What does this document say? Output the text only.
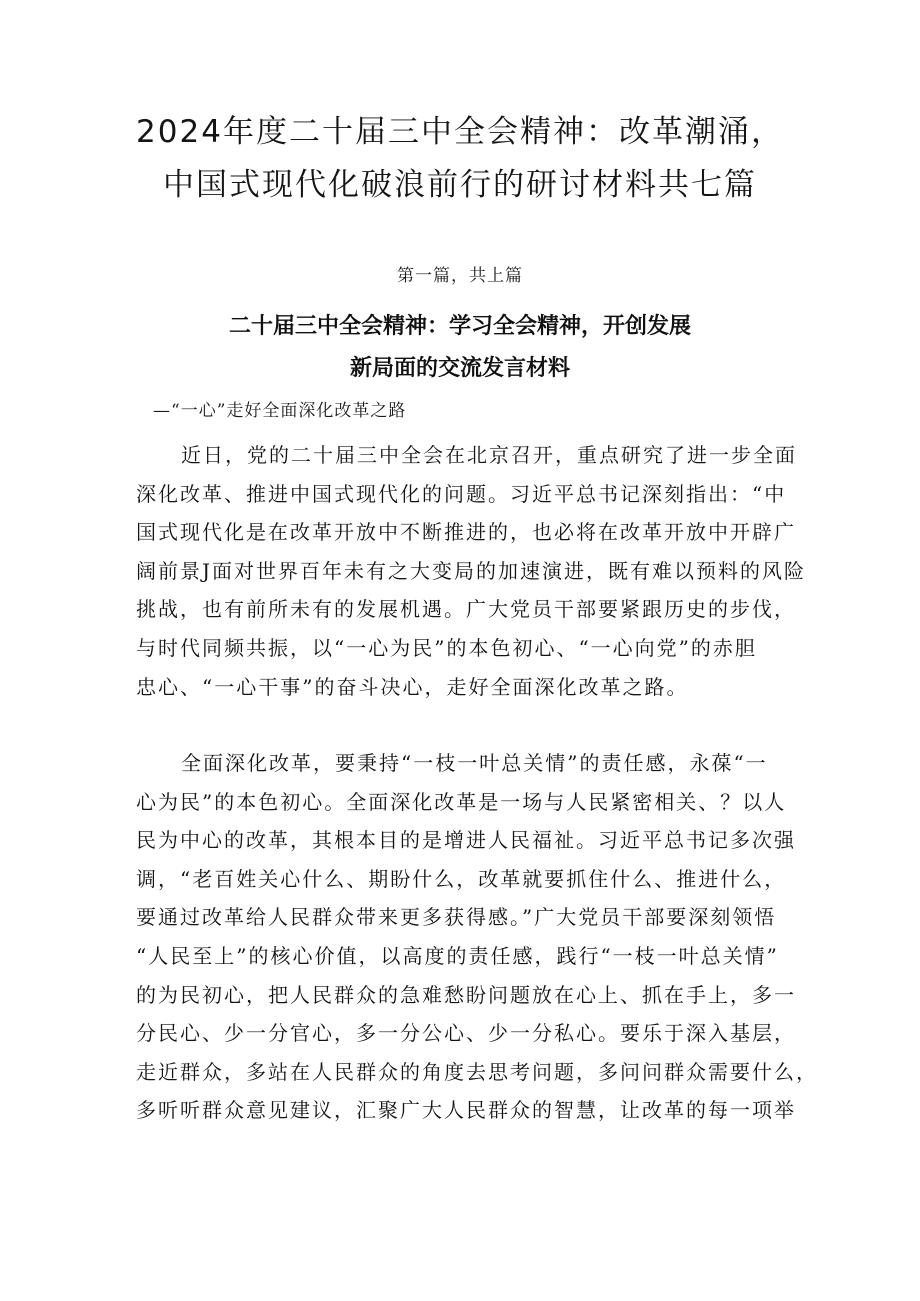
2024年度二十届三中全会精神：改革潮涌，
中国式现代化破浪前行的研讨材料共七篇
第一篇，共上篇
二十届三中全会精神：学习全会精神，开创发展
新局面的交流发言材料
—“一心”走好全面深化改革之路
近日，党的二十届三中全会在北京召开，重点研究了进一步全面
深化改革、推进中国式现代化的问题。习近平总书记深刻指出：“中
国式现代化是在改革开放中不断推进的，也必将在改革开放中开辟广
阔前景J面对世界百年未有之大变局的加速演进，既有难以预料的风险
挑战，也有前所未有的发展机遇。广大党员干部要紧跟历史的步伐，
与时代同频共振，以“一心为民”的本色初心、“一心向党”的赤胆
忠心、“一心干事”的奋斗决心，走好全面深化改革之路。
全面深化改革，要秉持“一枝一叶总关情”的责任感，永葆“一
心为民”的本色初心。全面深化改革是一场与人民紧密相关、？以人
民为中心的改革，其根本目的是增进人民福祉。习近平总书记多次强
调，“老百姓关心什么、期盼什么，改革就要抓住什么、推进什么，
要通过改革给人民群众带来更多获得感。”广大党员干部要深刻领悟
“人民至上”的核心价值，以高度的责任感，践行“一枝一叶总关情”
的为民初心，把人民群众的急难愁盼问题放在心上、抓在手上，多一
分民心、少一分官心，多一分公心、少一分私心。要乐于深入基层，
走近群众，多站在人民群众的角度去思考问题，多问问群众需要什么，
多听听群众意见建议，汇聚广大人民群众的智慧，让改革的每一项举
